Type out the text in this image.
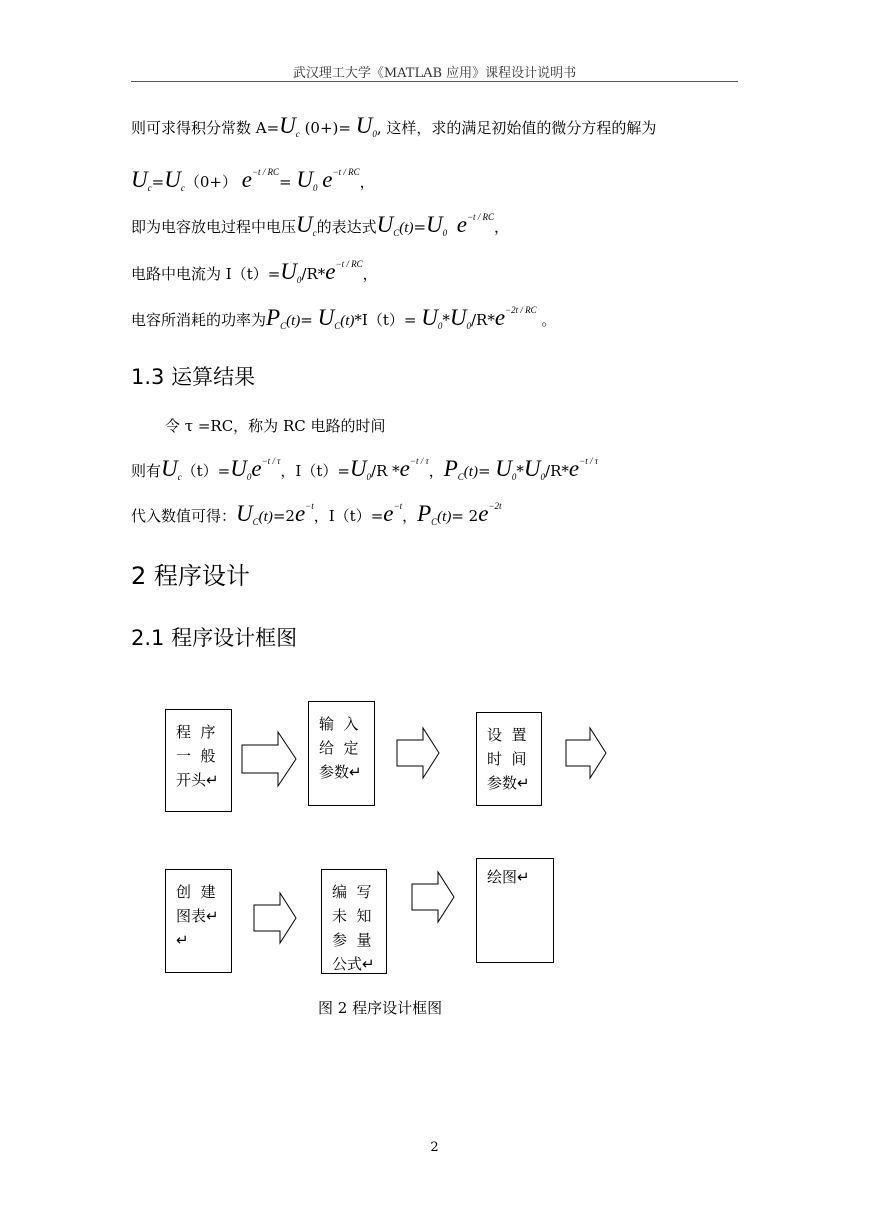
武汉理工大学《MATLAB 应用》课程设计说明书
则可求得积分常数 $A=U_c$ $(0+)= U_0$, 这样，求的满足初始值的微分方程的解为
$U_c=U_c(0+)$ $e^{-t / RC}= U_0$ $e^{-t / RC}$，
即为电容放电过程中电压$U_c$的表达式$U_C(t)=U_0$ $e^{-t / RC}$，
电路中电流为 $I(t)=U_0/R*e^{-t / RC}$，
电容所消耗的功率为$P_C(t)= U_C(t)*I(t)= U_0*U_0/R*e^{-2t / RC}$ 。
1.3 运算结果
令 τ =RC，称为 RC 电路的时间
则有$U_c(t)=U_0e^{-t / \tau}$，$I(t)=U_0/R$ $*e^{-t / \tau}$，$P_C(t)= U_0*U_0/R*e^{-t / \tau}$
代入数值可得：$U_C(t)=2e^{-t}$，$I(t)=e^{-t}$，$P_C(t)= 2e^{-2t}$
2 程序设计
2.1 程序设计框图
程  序
一  般
开头↵
输  入
给  定
参数↵
设  置
时  间
参数↵
创  建
图表↵
↵
编  写
未  知
参  量
公式↵
绘图↵
图 2 程序设计框图
2
